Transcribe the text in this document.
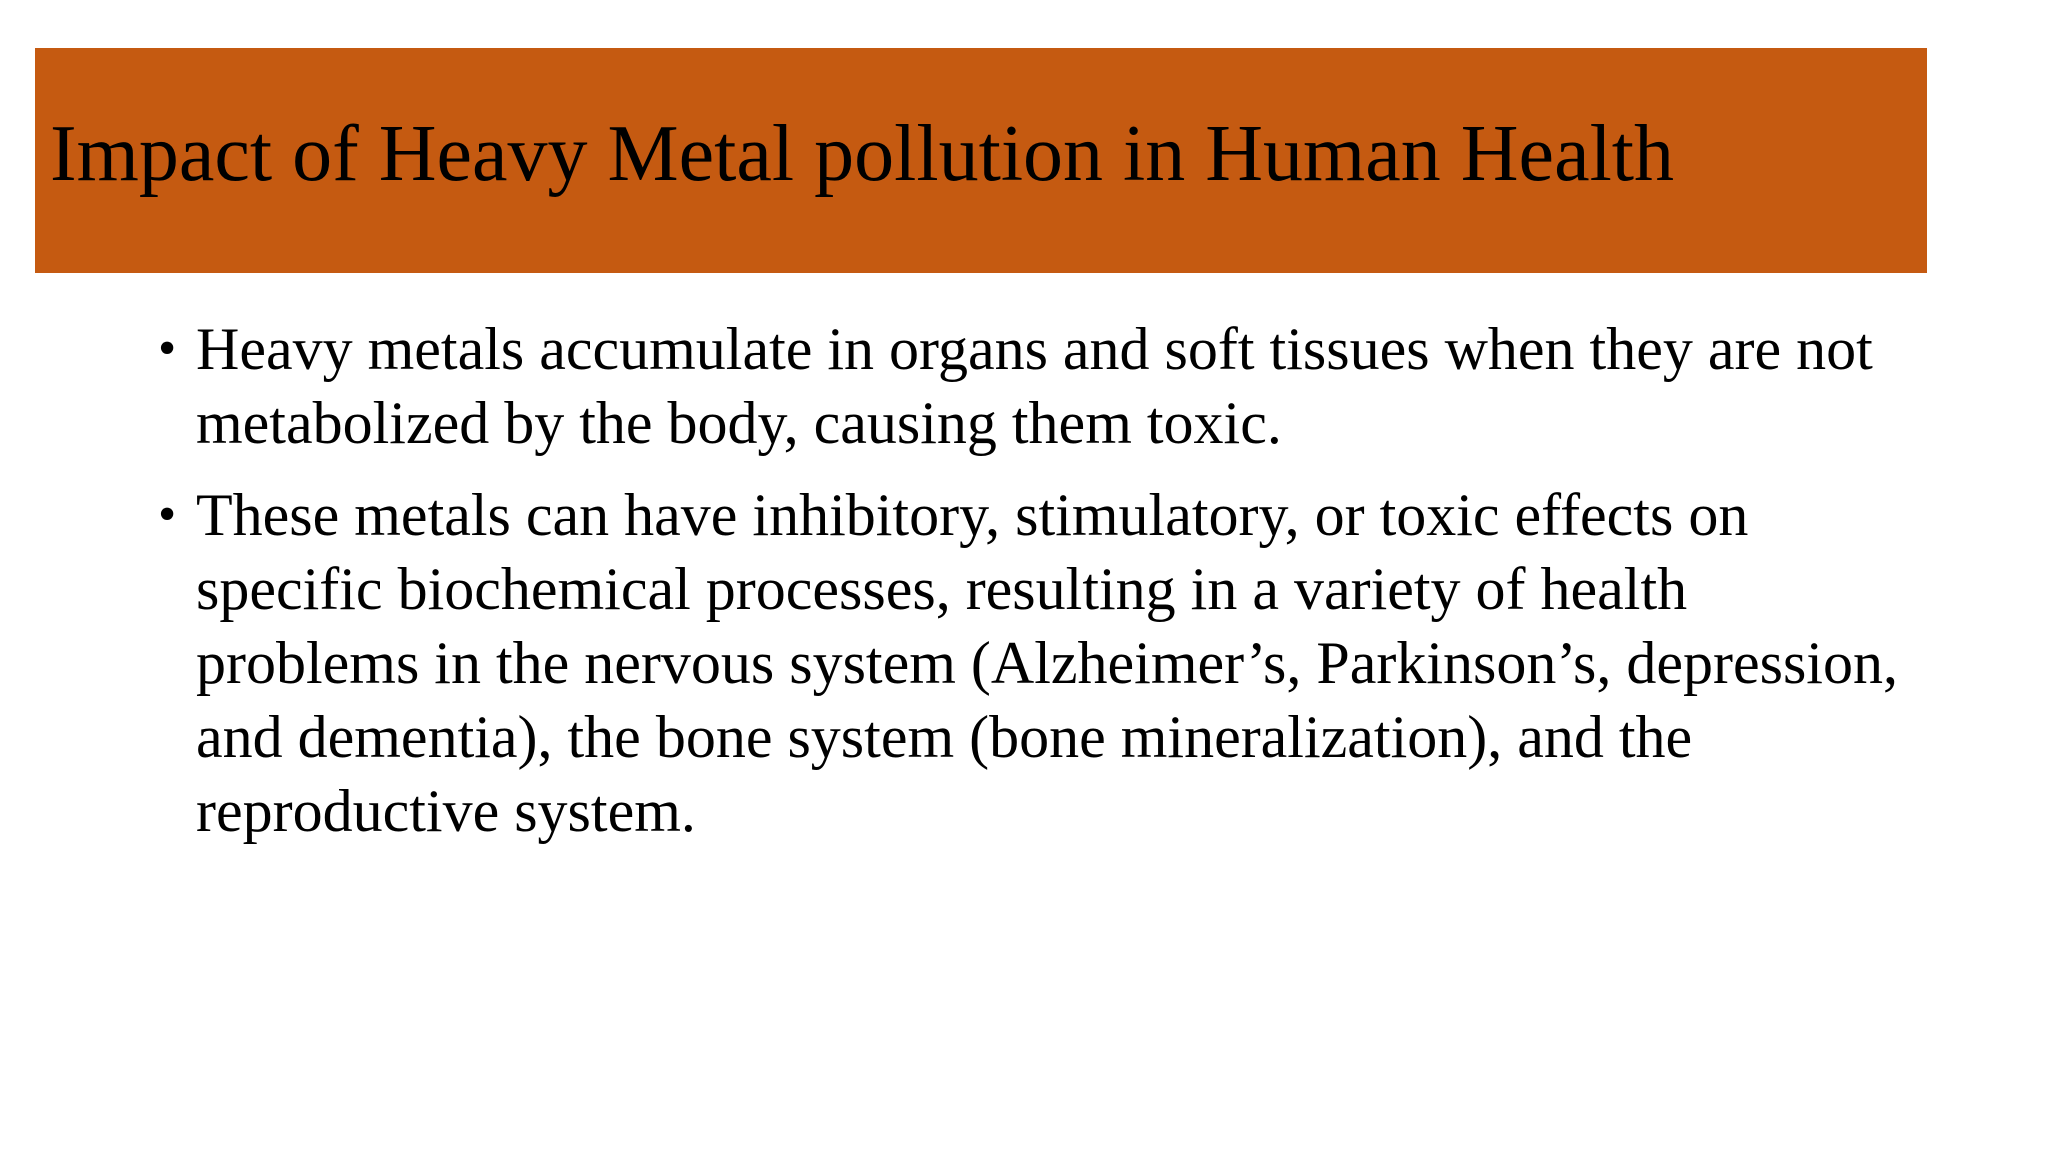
Impact of Heavy Metal pollution in Human Health
• Heavy metals accumulate in organs and soft tissues when they are not metabolized by the body, causing them toxic.
• These metals can have inhibitory, stimulatory, or toxic effects on specific biochemical processes, resulting in a variety of health problems in the nervous system (Alzheimer’s, Parkinson’s, depression, and dementia), the bone system (bone mineralization), and the reproductive system.
